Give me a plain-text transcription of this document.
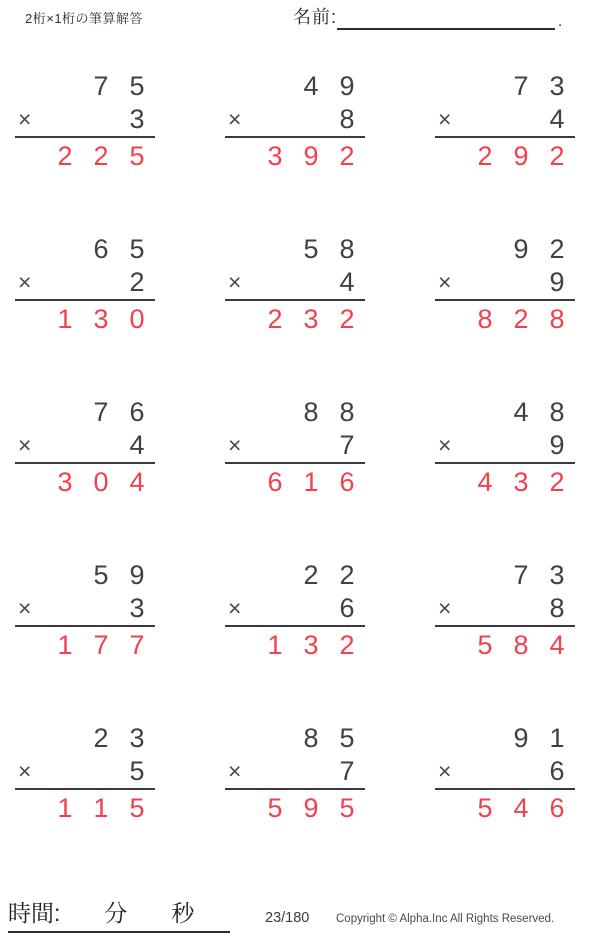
2桁×1桁の筆算解答	名前:	.
7 5
×	3
2 2 5
4 9
×	8
3 9 2
7 3
×	4
2 9 2
6 5
×	2
1 3 0
5 8
×	4
2 3 2
9 2
×	9
8 2 8
7 6
×	4
3 0 4
8 8
×	7
6 1 6
4 8
×	9
4 3 2
5 9
×	3
1 7 7
2 2
×	6
1 3 2
7 3
×	8
5 8 4
2 3
×	5
1 1 5
8 5
×	7
5 9 5
9 1
×	6
5 4 6
時間: 分 秒	23/180 Copyright © Alpha.Inc All Rights Reserved.
